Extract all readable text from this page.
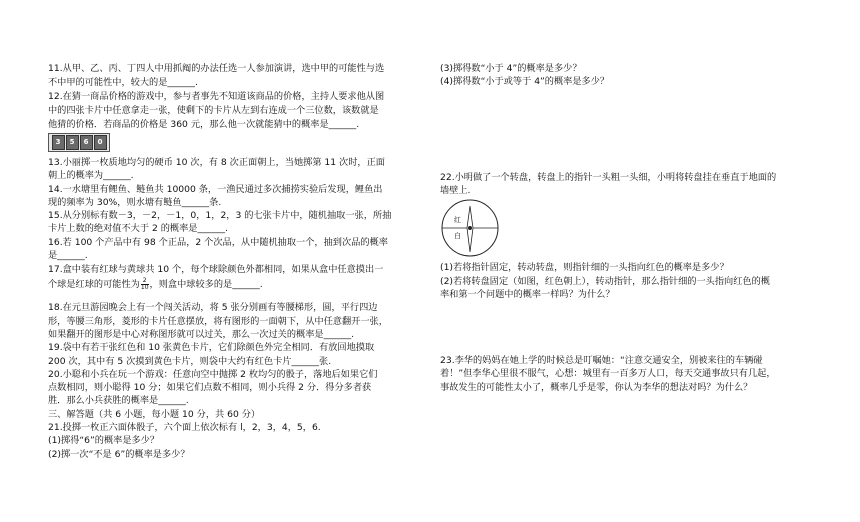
3	5	6	0
个球是红球的可能性为 $\frac{2}{10}$ ，则盒中球较多的是______.
11.从甲、乙、丙、丁四人中用抓阄的办法任选一人参加演讲，选中甲的可能性与选
不中甲的可能性中，较大的是______.
12.在猜一商品价格的游戏中，参与者事先不知道该商品的价格，主持人要求他从图
中的四张卡片中任意拿走一张，使剩下的卡片从左到右连成一个三位数，该数就是
他猜的价格．若商品的价格是 360 元，那么他一次就能猜中的概率是______.
13.小丽掷一枚质地均匀的硬币 10 次，有 8 次正面朝上，当她掷第 11 次时，正面
朝上的概率为______.
14.一水塘里有鲤鱼、鲢鱼共 10000 条，一渔民通过多次捕捞实验后发现，鲤鱼出
现的频率为 30%，则水塘有鲢鱼______条.
15.从分别标有数－3，－2，－1，0，1，2，3 的七张卡片中，随机抽取一张，所抽
卡片上数的绝对值不大于 2 的概率是______.
16.若 100 个产品中有 98 个正品，2 个次品，从中随机抽取一个，抽到次品的概率
是______.
17.盒中装有红球与黄球共 10 个，每个球除颜色外都相同，如果从盒中任意摸出一
18.在元旦游园晚会上有一个闯关活动，将 5 张分别画有等腰梯形，圆，平行四边
形，等腰三角形，菱形的卡片任意摆放，将有图形的一面朝下，从中任意翻开一张，
如果翻开的图形是中心对称图形就可以过关，那么一次过关的概率是______.
19.袋中有若干张红色和 10 张黄色卡片，它们除颜色外完全相同．有放回地摸取
200 次，其中有 5 次摸到黄色卡片，则袋中大约有红色卡片______张.
20.小聪和小兵在玩一个游戏：任意向空中抛掷 2 枚均匀的骰子，落地后如果它们
点数相同，则小聪得 10 分；如果它们点数不相同，则小兵得 2 分．得分多者获
胜．那么小兵获胜的概率是______.
三、解答题（共 6 小题，每小题 10 分，共 60 分）
21.投掷一枚正六面体骰子，六个面上依次标有 l，2，3，4，5，6.
(1)掷得“6”的概率是多少？
(2)掷一次“不是 6”的概率是多少？
红
白
(3)掷得数“小于 4”的概率是多少？
(4)掷得数“小于或等于 4”的概率是多少？
22.小明做了一个转盘，转盘上的指针一头粗一头细，小明将转盘挂在垂直于地面的
墙壁上.
(1)若将指针固定，转动转盘，则指针细的一头指向红色的概率是多少？
(2)若将转盘固定（如图，红色朝上），转动指针，那么指针细的一头指向红色的概
率和第一个问题中的概率一样吗？为什么？
23.李华的妈妈在她上学的时候总是叮嘱她：“注意交通安全，别被来往的车辆碰
着！”但李华心里很不服气，心想：城里有一百多万人口，每天交通事故只有几起，
事故发生的可能性太小了，概率几乎是零，你认为李华的想法对吗？为什么？
